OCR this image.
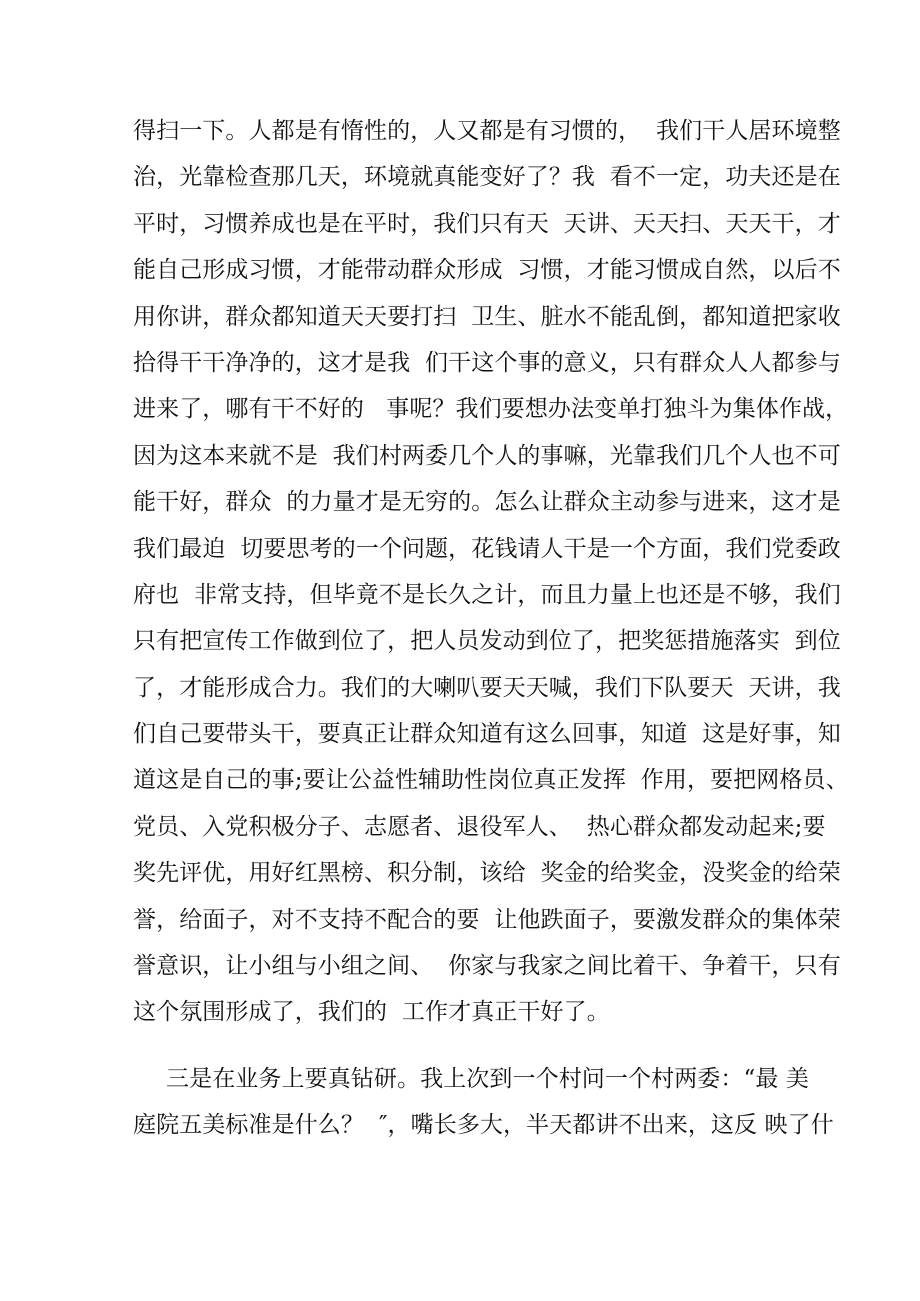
得扫一下。人都是有惰性的，人又都是有习惯的，  我们干人居环境整
治，光靠检查那几天，环境就真能变好了？我  看不一定，功夫还是在
平时，习惯养成也是在平时，我们只有天  天讲、天天扫、天天干，才
能自己形成习惯，才能带动群众形成  习惯，才能习惯成自然，以后不
用你讲，群众都知道天天要打扫  卫生、脏水不能乱倒，都知道把家收
拾得干干净净的，这才是我  们干这个事的意义，只有群众人人都参与
进来了，哪有干不好的   事呢？我们要想办法变单打独斗为集体作战，
因为这本来就不是  我们村两委几个人的事嘛，光靠我们几个人也不可
能干好，群众  的力量才是无穷的。怎么让群众主动参与进来，这才是
我们最迫  切要思考的一个问题，花钱请人干是一个方面，我们党委政
府也  非常支持，但毕竟不是长久之计，而且力量上也还是不够，我们
只有把宣传工作做到位了，把人员发动到位了，把奖惩措施落实  到位
了，才能形成合力。我们的大喇叭要天天喊，我们下队要天  天讲，我
们自己要带头干，要真正让群众知道有这么回事，知道  这是好事，知
道这是自己的事;要让公益性辅助性岗位真正发挥  作用，要把网格员、
党员、入党积极分子、志愿者、退役军人、  热心群众都发动起来;要
奖先评优，用好红黑榜、积分制，该给  奖金的给奖金，没奖金的给荣
誉，给面子，对不支持不配合的要  让他跌面子，要激发群众的集体荣
誉意识，让小组与小组之间、  你家与我家之间比着干、争着干，只有
这个氛围形成了，我们的  工作才真正干好了。
三是在业务上要真钻研。我上次到一个村问一个村两委：“最 美
庭院五美标准是什么？  ″，嘴长多大，半天都讲不出来，这反 映了什
